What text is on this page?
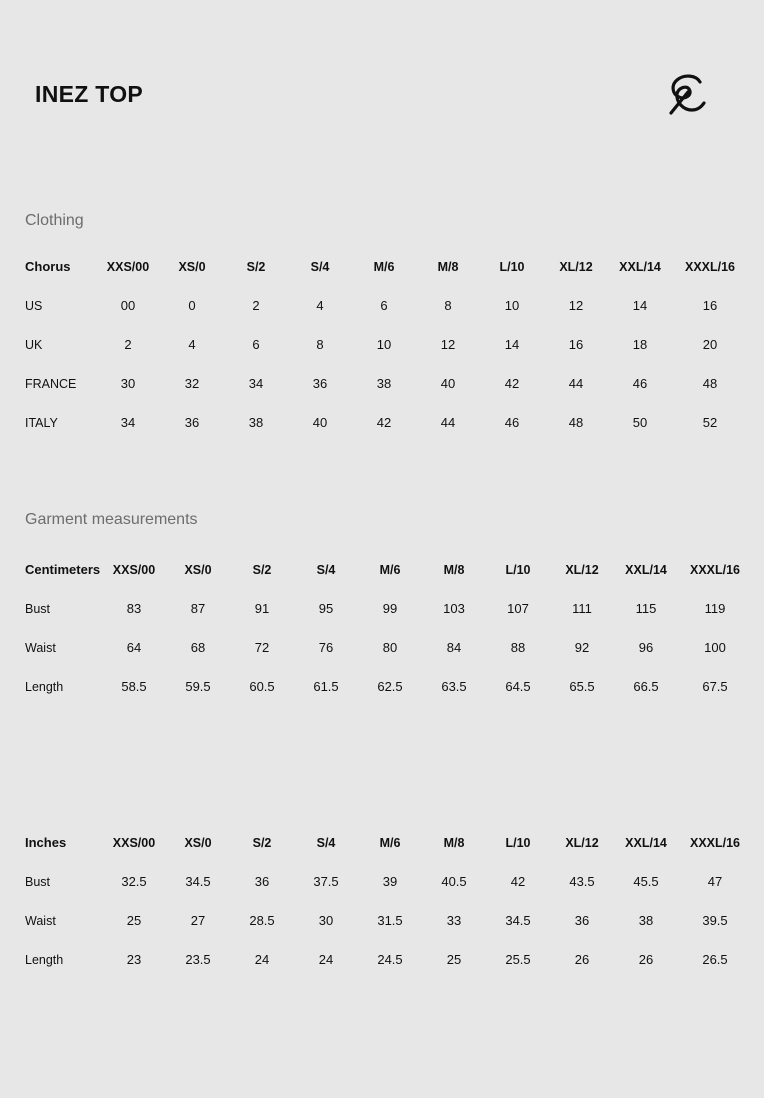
INEZ TOP
Clothing
Chorus	XXS/00	XS/0	S/2	S/4	M/6	M/8	L/10	XL/12	XXL/14	XXXL/16
US	00	0	2	4	6	8	10	12	14	16
UK	2	4	6	8	10	12	14	16	18	20
FRANCE	30	32	34	36	38	40	42	44	46	48
ITALY	34	36	38	40	42	44	46	48	50	52
Garment measurements
Centimeters	XXS/00	XS/0	S/2	S/4	M/6	M/8	L/10	XL/12	XXL/14	XXXL/16
Bust	83	87	91	95	99	103	107	111	115	119
Waist	64	68	72	76	80	84	88	92	96	100
Length	58.5	59.5	60.5	61.5	62.5	63.5	64.5	65.5	66.5	67.5
Inches	XXS/00	XS/0	S/2	S/4	M/6	M/8	L/10	XL/12	XXL/14	XXXL/16
Bust	32.5	34.5	36	37.5	39	40.5	42	43.5	45.5	47
Waist	25	27	28.5	30	31.5	33	34.5	36	38	39.5
Length	23	23.5	24	24	24.5	25	25.5	26	26	26.5
